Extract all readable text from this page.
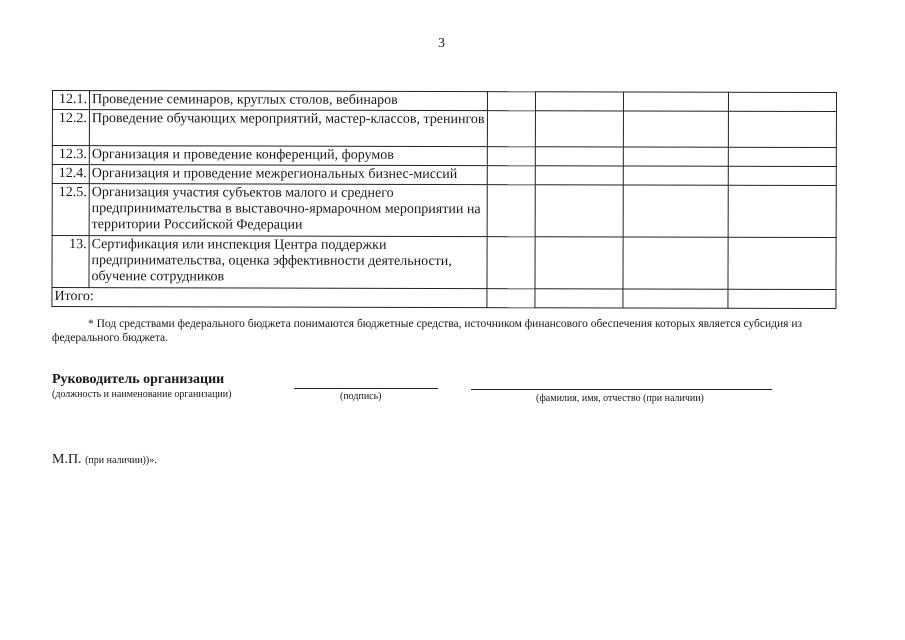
3
12.1.	Проведение семинаров, круглых столов, вебинаров				
12.2.	Проведение обучающих мероприятий, мастер-классов, тренингов				
12.3.	Организация и проведение конференций, форумов				
12.4.	Организация и проведение межрегиональных бизнес-миссий				
12.5.	Организация участия субъектов малого и среднего предпринимательства в выставочно-ярмарочном мероприятии на территории Российской Федерации				
13.	Сертификация или инспекция Центра поддержки предпринимательства, оценка эффективности деятельности, обучение сотрудников				
Итого:					
* Под средствами федерального бюджета понимаются бюджетные средства, источником финансового обеспечения которых является субсидия из федерального бюджета.
Руководитель организации
(должность и наименование организации)	(подпись)	(фамилия, имя, отчество (при наличии)
М.П. (при наличии))».
